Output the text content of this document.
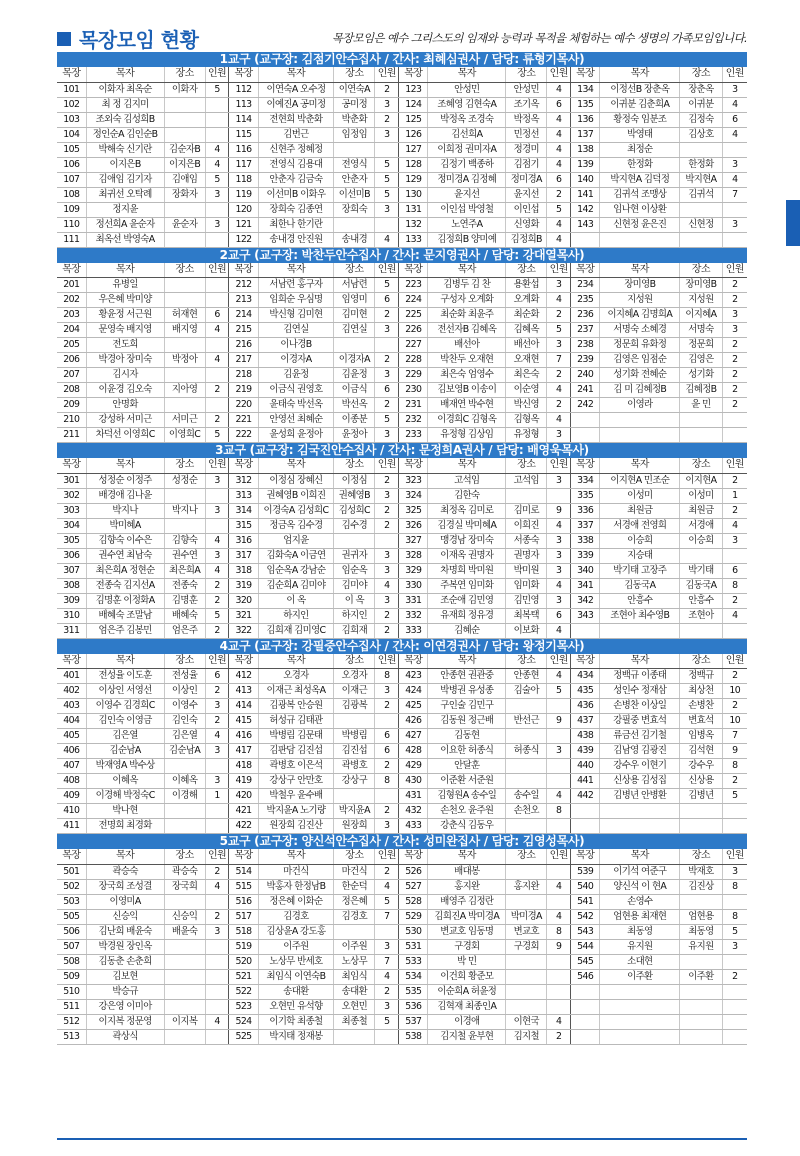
목장모임 현황	목장모임은 예수 그리스도의 임재와 능력과 목적을 체험하는 예수 생명의 가족모임입니다.
1교구 (교구장: 김점기안수집사 / 간사: 최혜심권사 / 담당: 류형기목사)
목장	목자	장소	인원	목장	목자	장소	인원	목장	목자	장소	인원	목장	목자	장소	인원
101	이화자 최옥순	이화자	5	112	이연숙A 오수정	이연숙A	2	123	안성민	안성민	4	134	이정선B 장춘옥	장춘옥	3
102	최 정 김지미			113	이예진A 공미정	공미정	3	124	조혜영 김현숙A	조기옥	6	135	이귀분 김춘희A	이귀분	4
103	조외숙 김성희B			114	전현희 박춘화	박춘화	2	125	박정옥 조경숙	박정옥	4	136	황정숙 임분조	김정숙	6
104	정인순A 김인순B			115	김번근	임정임	3	126	김선희A	민정선	4	137	박영태	김상호	4
105	박해숙 신기란	김순자B	4	116	신현주 정혜정			127	이희정 권미자A	정경미	4	138	최정순		
106	이지은B	이지은B	4	117	전영식 김용대	전영식	5	128	김정기 백종하	김점기	4	139	한정화	한정화	3
107	김애임 김기자	김애임	5	118	안춘자 김금숙	안춘자	5	129	정미경A 김정혜	정미경A	6	140	박지현A 김덕정	박지현A	4
108	최귀선 오탁례	장화자	3	119	이선미B 이화우	이선미B	5	130	윤지선	윤지선	2	141	김귀석 조맹상	김귀석	7
109	정지윤			120	장희숙 김종연	장희숙	3	131	이인섭 박영철	이인섭	5	142	임나현 이상환		
110	정선희A 윤순자	윤순자	3	121	최한나 한기란			132	노연주A	신영화	4	143	신현정 윤은진	신현정	3
111	최옥선 박영숙A			122	송내경 안진원	송내경	4	133	김정희B 양미예	김정희B	4				
2교구 (교구장: 박찬두안수집사 / 간사: 문지영권사 / 담당: 강대열목사)
목장	목자	장소	인원	목장	목자	장소	인원	목장	목자	장소	인원	목장	목자	장소	인원
201	유병일			212	서남련 홍구자	서남련	5	223	김병두 김 찬	용환섭	3	234	장미영B	장미영B	2
202	우은혜 박미양			213	임희순 우심명	임영미	6	224	구성자 오계화	오계화	4	235	지성원	지성원	2
203	황윤정 서근원	허재현	6	214	박신형 김미현	김미현	2	225	최순화 최윤주	최순화	2	236	이지혜A 김명희A	이지혜A	3
204	문영숙 배지영	배지영	4	215	김연실	김연실	3	226	전선자B 김혜옥	김혜옥	5	237	서명숙 소혜경	서명숙	3
205	전도희			216	이나경B			227	배선아	배선아	3	238	정문희 유화정	정문희	2
206	박경아 장미숙	박정아	4	217	이경자A	이경자A	2	228	박찬두 오재현	오재현	7	239	김영은 임점순	김영은	2
207	김시자			218	김윤정	김윤정	3	229	최은숙 엄영수	최은숙	2	240	성기화 전혜순	성기화	2
208	이윤경 김오숙	지아영	2	219	이금식 권영호	이금식	6	230	김보영B 이송이	이순영	4	241	김 미 김혜정B	김혜정B	2
209	안명화			220	윤태숙 박선옥	박선옥	2	231	배재연 박수현	박신영	2	242	이영라	윤 민	2
210	강성하 서미근	서미근	2	221	안영선 최혜순	이종분	5	232	이경희C 김형옥	김형옥	4				
211	차덕선 이영희C	이영희C	5	222	윤성희 윤정아	윤정아	3	233	유정형 김상임	유정형	3				
3교구 (교구장: 김국진안수집사 / 간사: 문정희A권사 / 담당: 배영욱목사)
목장	목자	장소	인원	목장	목자	장소	인원	목장	목자	장소	인원	목장	목자	장소	인원
301	성정순 이정주	성정순	3	312	이정심 장혜신	이정심	2	323	고석임	고석임	3	334	이지현A 민조순	이지현A	2
302	배경애 김나윤			313	권혜영B 이희진	권혜영B	3	324	김한숙			335	이성미	이성미	1
303	박지나	박지나	3	314	이경숙A 김성희C	김성희C	2	325	최정옥 김미로	김미로	9	336	최원금	최원금	2
304	박미혜A			315	정금옥 김수경	김수경	2	326	김경실 박미혜A	이희진	4	337	서경애 전영희	서경애	4
305	김향숙 이수은	김향숙	4	316	엄지윤			327	맹경남 장미숙	서종숙	3	338	이승희	이승희	3
306	권수연 최남숙	권수연	3	317	김화숙A 이금연	권귀자	3	328	이재옥 권명자	권명자	3	339	지승태		
307	최은희A 정현순	최은희A	4	318	임순옥A 강남순	임순옥	3	329	차명희 박미원	박미원	3	340	박기태 고장주	박기태	6
308	전종숙 김지선A	전종숙	2	319	김순희A 김미야	김미야	4	330	주복연 임미화	임미화	4	341	김동국A	김동국A	8
309	김명훈 이정화A	김명훈	2	320	이 옥	이 옥	3	331	조순애 김민영	김민영	3	342	안흥수	안흥수	2
310	배혜숙 조말남	배혜숙	5	321	하지인	하지인	2	332	유재희 정유경	최복택	6	343	조현아 최수영B	조현아	4
311	엄은주 김봉민	엄은주	2	322	김희재 김미영C	김희재	2	333	김혜순	이보화	4				
4교구 (교구장: 강필중안수집사 / 간사: 이연경권사 / 담당: 왕정기목사)
목장	목자	장소	인원	목장	목자	장소	인원	목장	목자	장소	인원	목장	목자	장소	인원
401	전성율 이도훈	전성율	6	412	오경자	오경자	8	423	안종현 권관중	안종현	4	434	정백규 이종태	정백규	2
402	이상인 서영선	이상인	2	413	이재근 최성옥A	이재근	3	424	박병권 유성종	김술아	5	435	성인수 정재삼	최상천	10
403	이영수 김경희C	이영수	3	414	김광복 안승원	김광복	2	425	구인술 김민구			436	손병찬 이상일	손병찬	2
404	김인숙 이영금	김인숙	2	415	허성규 김태관			426	김동원 정근배	반선근	9	437	강필중 변효석	변효석	10
405	김은열	김은열	4	416	박병림 김문태	박병림	6	427	김동현			438	류금선 김기철	임병옥	7
406	김순남A	김순남A	3	417	김판담 김진섭	김진섭	6	428	이요한 허종식	허종식	3	439	김남영 김광진	김석현	9
407	박재영A 박수상			418	곽병호 이은석	곽병호	2	429	안달훈			440	강수우 이현기	강수우	8
408	이혜옥	이혜옥	3	419	강상구 안만호	강상구	8	430	이준환 서준원			441	신상용 김성집	신상용	2
409	이경해 박정숙C	이경해	1	420	박철우 윤수배			431	김형원A 송수일	송수일	4	442	김병년 안병환	김병년	5
410	박나현			421	박지윤A 노기량	박지윤A	2	432	손천오 윤주원	손천오	8				
411	전명희 최경화			422	원장희 김진산	원장희	3	433	강춘식 김동우						
5교구 (교구장: 양신석안수집사 / 간사: 성미완집사 / 담당: 김영성목사)
목장	목자	장소	인원	목장	목자	장소	인원	목장	목자	장소	인원	목장	목자	장소	인원
501	곽승숙	곽승숙	2	514	마건식	마건식	2	526	배대봉			539	이기석 여준구	박재호	3
502	장국희 조성결	장국희	4	515	박홍자 한정남B	한순덕	4	527	홍지완	홍지완	4	540	양신석 이 현A	김진상	8
503	이영미A			516	정은혜 이화순	정은혜	5	528	배영주 김정란			541	손영수		
505	신승익	신승익	2	517	김경호	김경호	7	529	김희진A 박미경A	박미경A	4	542	엄현용 최재현	엄현용	8
506	김난희 배윤숙	배윤숙	3	518	김상윤A 강도홍			530	변교호 임동명	변교호	8	543	최동영	최동영	5
507	박경원 장인옥			519	이주원	이주원	3	531	구경회	구경회	9	544	유지원	유지원	3
508	김동춘 손춘희			520	노상무 반세호	노상무	7	533	박 민			545	소대현		
509	김보현			521	최임식 이연숙B	최임식	4	534	이건희 황준모			546	이주환	이주환	2
510	박승규			522	송대환	송대환	2	535	이순희A 허윤정						
511	강은영 이미아			523	오현민 유석향	오현민	3	536	김혁재 최종인A						
512	이지복 정문영	이지복	4	524	이기학 최종철	최종철	5	537	이경애	이현국	4				
513	곽상식			525	박지태 정재봉			538	김지철 윤부현	김지철	2				
